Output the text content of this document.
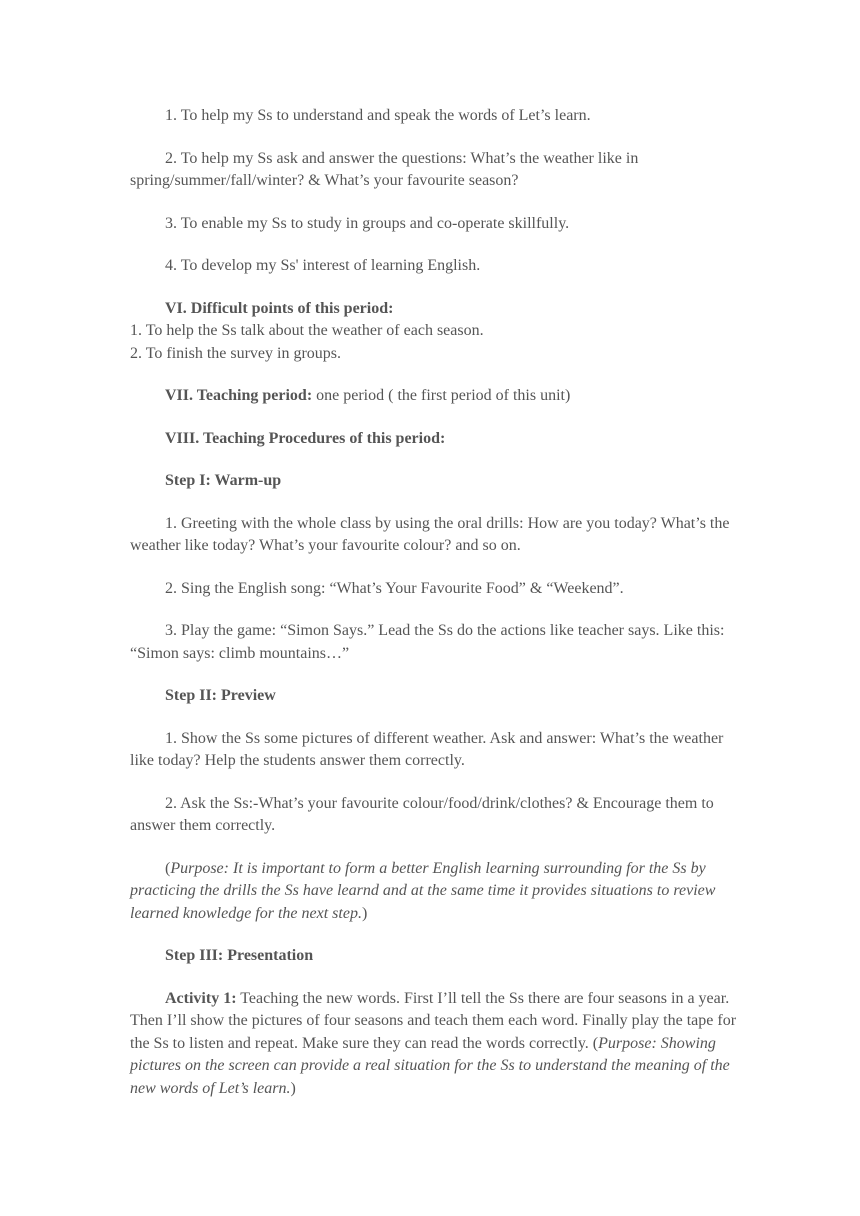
1. To help my Ss to understand and speak the words of Let’s learn.

2. To help my Ss ask and answer the questions: What’s the weather like in spring/summer/fall/winter? & What’s your favourite season?

3. To enable my Ss to study in groups and co-operate skillfully.

4. To develop my Ss' interest of learning English.

VI. Difficult points of this period:

1. To help the Ss talk about the weather of each season.

2. To finish the survey in groups.

VII. Teaching period: one period ( the first period of this unit)

VIII. Teaching Procedures of this period:

Step I: Warm-up

1. Greeting with the whole class by using the oral drills: How are you today? What’s the weather like today? What’s your favourite colour? and so on.

2. Sing the English song: “What’s Your Favourite Food” & “Weekend”.

3. Play the game: “Simon Says.” Lead the Ss do the actions like teacher says. Like this: “Simon says: climb mountains…”

Step II: Preview

1. Show the Ss some pictures of different weather. Ask and answer: What’s the weather like today? Help the students answer them correctly.

2. Ask the Ss:-What’s your favourite colour/food/drink/clothes? & Encourage them to answer them correctly.

(Purpose: It is important to form a better English learning surrounding for the Ss by practicing the drills the Ss have learnd and at the same time it provides situations to review learned knowledge for the next step.)

Step III: Presentation

Activity 1: Teaching the new words. First I’ll tell the Ss there are four seasons in a year. Then I’ll show the pictures of four seasons and teach them each word. Finally play the tape for the Ss to listen and repeat. Make sure they can read the words correctly. (Purpose: Showing pictures on the screen can provide a real situation for the Ss to understand the meaning of the new words of Let’s learn.)
